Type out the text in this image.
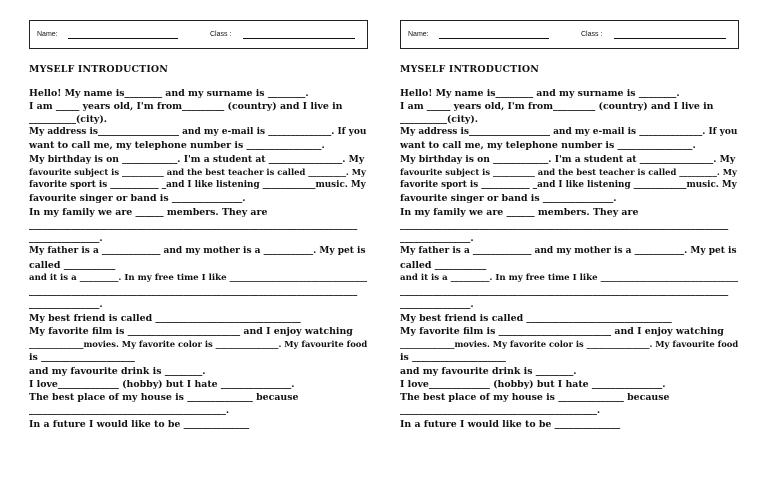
Name:	Class :
MYSELF INTRODUCTION
Hello! My name is________ and my surname is ________.
I am _____ years old, I'm from_________ (country) and I live in
__________(city).
My address is__________________ and my e-mail is ______________. If you
want to call me, my telephone number is ________________.
My birthday is on ____________. I'm a student at ________________. My
favourite subject is __________ and the best teacher is called _________. My
favorite sport is ___________ _and I like listening ____________music. My
favourite singer or band is _______________.
In my family we are ______ members. They are
______________________________________________________________________
_______________.
My father is a _____________ and my mother is a ___________. My pet is
called ___________
and it is a _________. In my free time I like ________________________________
______________________________________________________________________
_______________.
My best friend is called _______________________________
My favorite film is ________________________ and I enjoy watching
_____________movies. My favorite color is _______________. My favourite food
is ____________________
and my favourite drink is ________.
I love_____________ (hobby) but I hate _______________.
The best place of my house is ______________ because
__________________________________________.
In a future I would like to be ______________
Name:	Class :
MYSELF INTRODUCTION
Hello! My name is________ and my surname is ________.
I am _____ years old, I'm from_________ (country) and I live in
__________(city).
My address is__________________ and my e-mail is ______________. If you
want to call me, my telephone number is ________________.
My birthday is on ____________. I'm a student at ________________. My
favourite subject is __________ and the best teacher is called _________. My
favorite sport is ___________ _and I like listening ____________music. My
favourite singer or band is _______________.
In my family we are ______ members. They are
______________________________________________________________________
_______________.
My father is a _____________ and my mother is a ___________. My pet is
called ___________
and it is a _________. In my free time I like ________________________________
______________________________________________________________________
_______________.
My best friend is called _______________________________
My favorite film is ________________________ and I enjoy watching
_____________movies. My favorite color is _______________. My favourite food
is ____________________
and my favourite drink is ________.
I love_____________ (hobby) but I hate _______________.
The best place of my house is ______________ because
__________________________________________.
In a future I would like to be ______________
